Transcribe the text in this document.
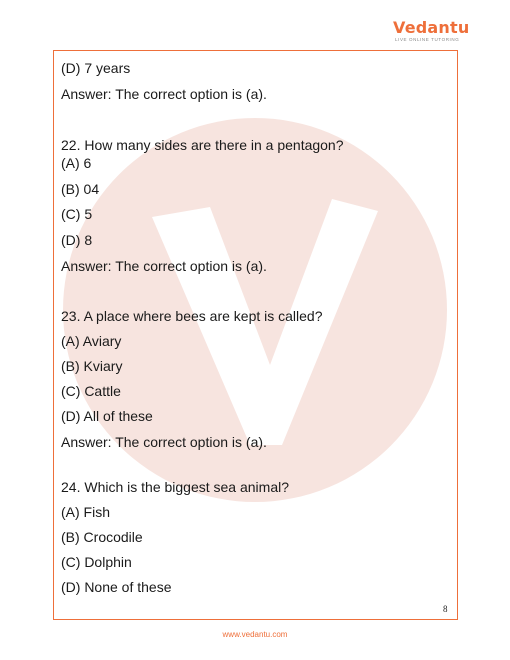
Vedantu
LIVE ONLINE TUTORING
(D) 7 years
Answer: The correct option is (a).
22. How many sides are there in a pentagon?
(A) 6
(B) 04
(C) 5
(D) 8
Answer: The correct option is (a).
23. A place where bees are kept is called?
(A) Aviary
(B) Kviary
(C) Cattle
(D) All of these
Answer: The correct option is (a).
24. Which is the biggest sea animal?
(A) Fish
(B) Crocodile
(C) Dolphin
(D) None of these
8
www.vedantu.com
